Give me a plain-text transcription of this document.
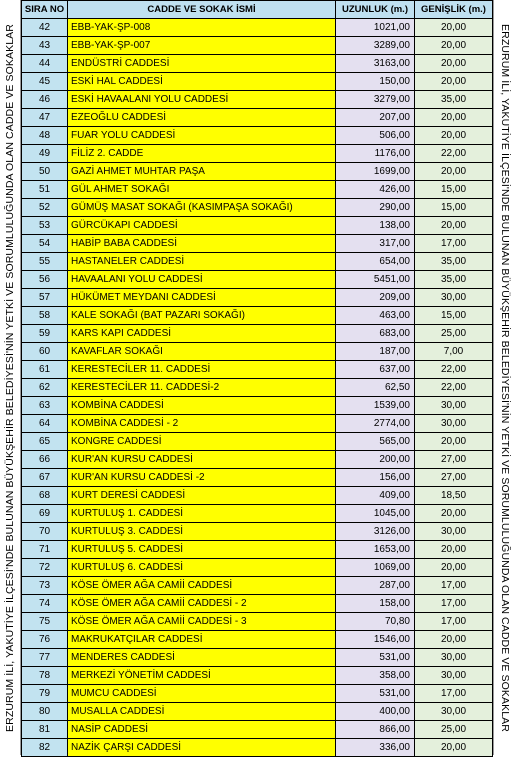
ERZURUM İLİ, YAKUTİYE İLÇESİ'NDE BULUNAN BÜYÜKŞEHİR BELEDİYESİ'NİN YETKİ VE SORUMLULUĞUNDA OLAN CADDE VE SOKAKLAR
SIRA NO	CADDE VE SOKAK İSMİ	UZUNLUK (m.)	GENİŞLİK (m.)
42	EBB-YAK-ŞP-008	1021,00	20,00
43	EBB-YAK-ŞP-007	3289,00	20,00
44	ENDÜSTRİ CADDESİ	3163,00	20,00
45	ESKİ HAL CADDESİ	150,00	20,00
46	ESKİ HAVAALANI YOLU CADDESİ	3279,00	35,00
47	EZEOĞLU CADDESİ	207,00	20,00
48	FUAR YOLU CADDESİ	506,00	20,00
49	FİLİZ 2. CADDE	1176,00	22,00
50	GAZİ AHMET MUHTAR PAŞA	1699,00	20,00
51	GÜL AHMET SOKAĞI	426,00	15,00
52	GÜMÜŞ MASAT SOKAĞI (KASIMPAŞA SOKAĞI)	290,00	15,00
53	GÜRCÜKAPI CADDESİ	138,00	20,00
54	HABİP BABA CADDESİ	317,00	17,00
55	HASTANELER CADDESİ	654,00	35,00
56	HAVAALANI YOLU CADDESİ	5451,00	35,00
57	HÜKÜMET MEYDANI CADDESİ	209,00	30,00
58	KALE SOKAĞI (BAT PAZARI SOKAĞI)	463,00	15,00
59	KARS KAPI CADDESİ	683,00	25,00
60	KAVAFLAR SOKAĞI	187,00	7,00
61	KERESTECİLER 11. CADDESİ	637,00	22,00
62	KERESTECİLER 11. CADDESİ-2	62,50	22,00
63	KOMBİNA CADDESİ	1539,00	30,00
64	KOMBİNA CADDESİ - 2	2774,00	30,00
65	KONGRE CADDESİ	565,00	20,00
66	KUR'AN KURSU CADDESİ	200,00	27,00
67	KUR'AN KURSU CADDESİ -2	156,00	27,00
68	KURT DERESİ CADDESİ	409,00	18,50
69	KURTULUŞ 1. CADDESİ	1045,00	20,00
70	KURTULUŞ 3. CADDESİ	3126,00	30,00
71	KURTULUŞ 5. CADDESİ	1653,00	20,00
72	KURTULUŞ 6. CADDESİ	1069,00	20,00
73	KÖSE ÖMER AĞA CAMİİ CADDESİ	287,00	17,00
74	KÖSE ÖMER AĞA CAMİİ CADDESİ - 2	158,00	17,00
75	KÖSE ÖMER AĞA CAMİİ CADDESİ - 3	70,80	17,00
76	MAKRUKATÇILAR CADDESİ	1546,00	20,00
77	MENDERES CADDESİ	531,00	30,00
78	MERKEZİ YÖNETİM CADDESİ	358,00	30,00
79	MUMCU CADDESİ	531,00	17,00
80	MUSALLA CADDESİ	400,00	30,00
81	NASİP CADDESİ	866,00	25,00
82	NAZİK ÇARŞI CADDESİ	336,00	20,00
ERZURUM İLİ, YAKUTİYE İLÇESİ'NDE BULUNAN BÜYÜKŞEHİR BELEDİYESİ'NİN YETKİ VE SORUMLULUĞUNDA OLAN CADDE VE SOKAKLAR
